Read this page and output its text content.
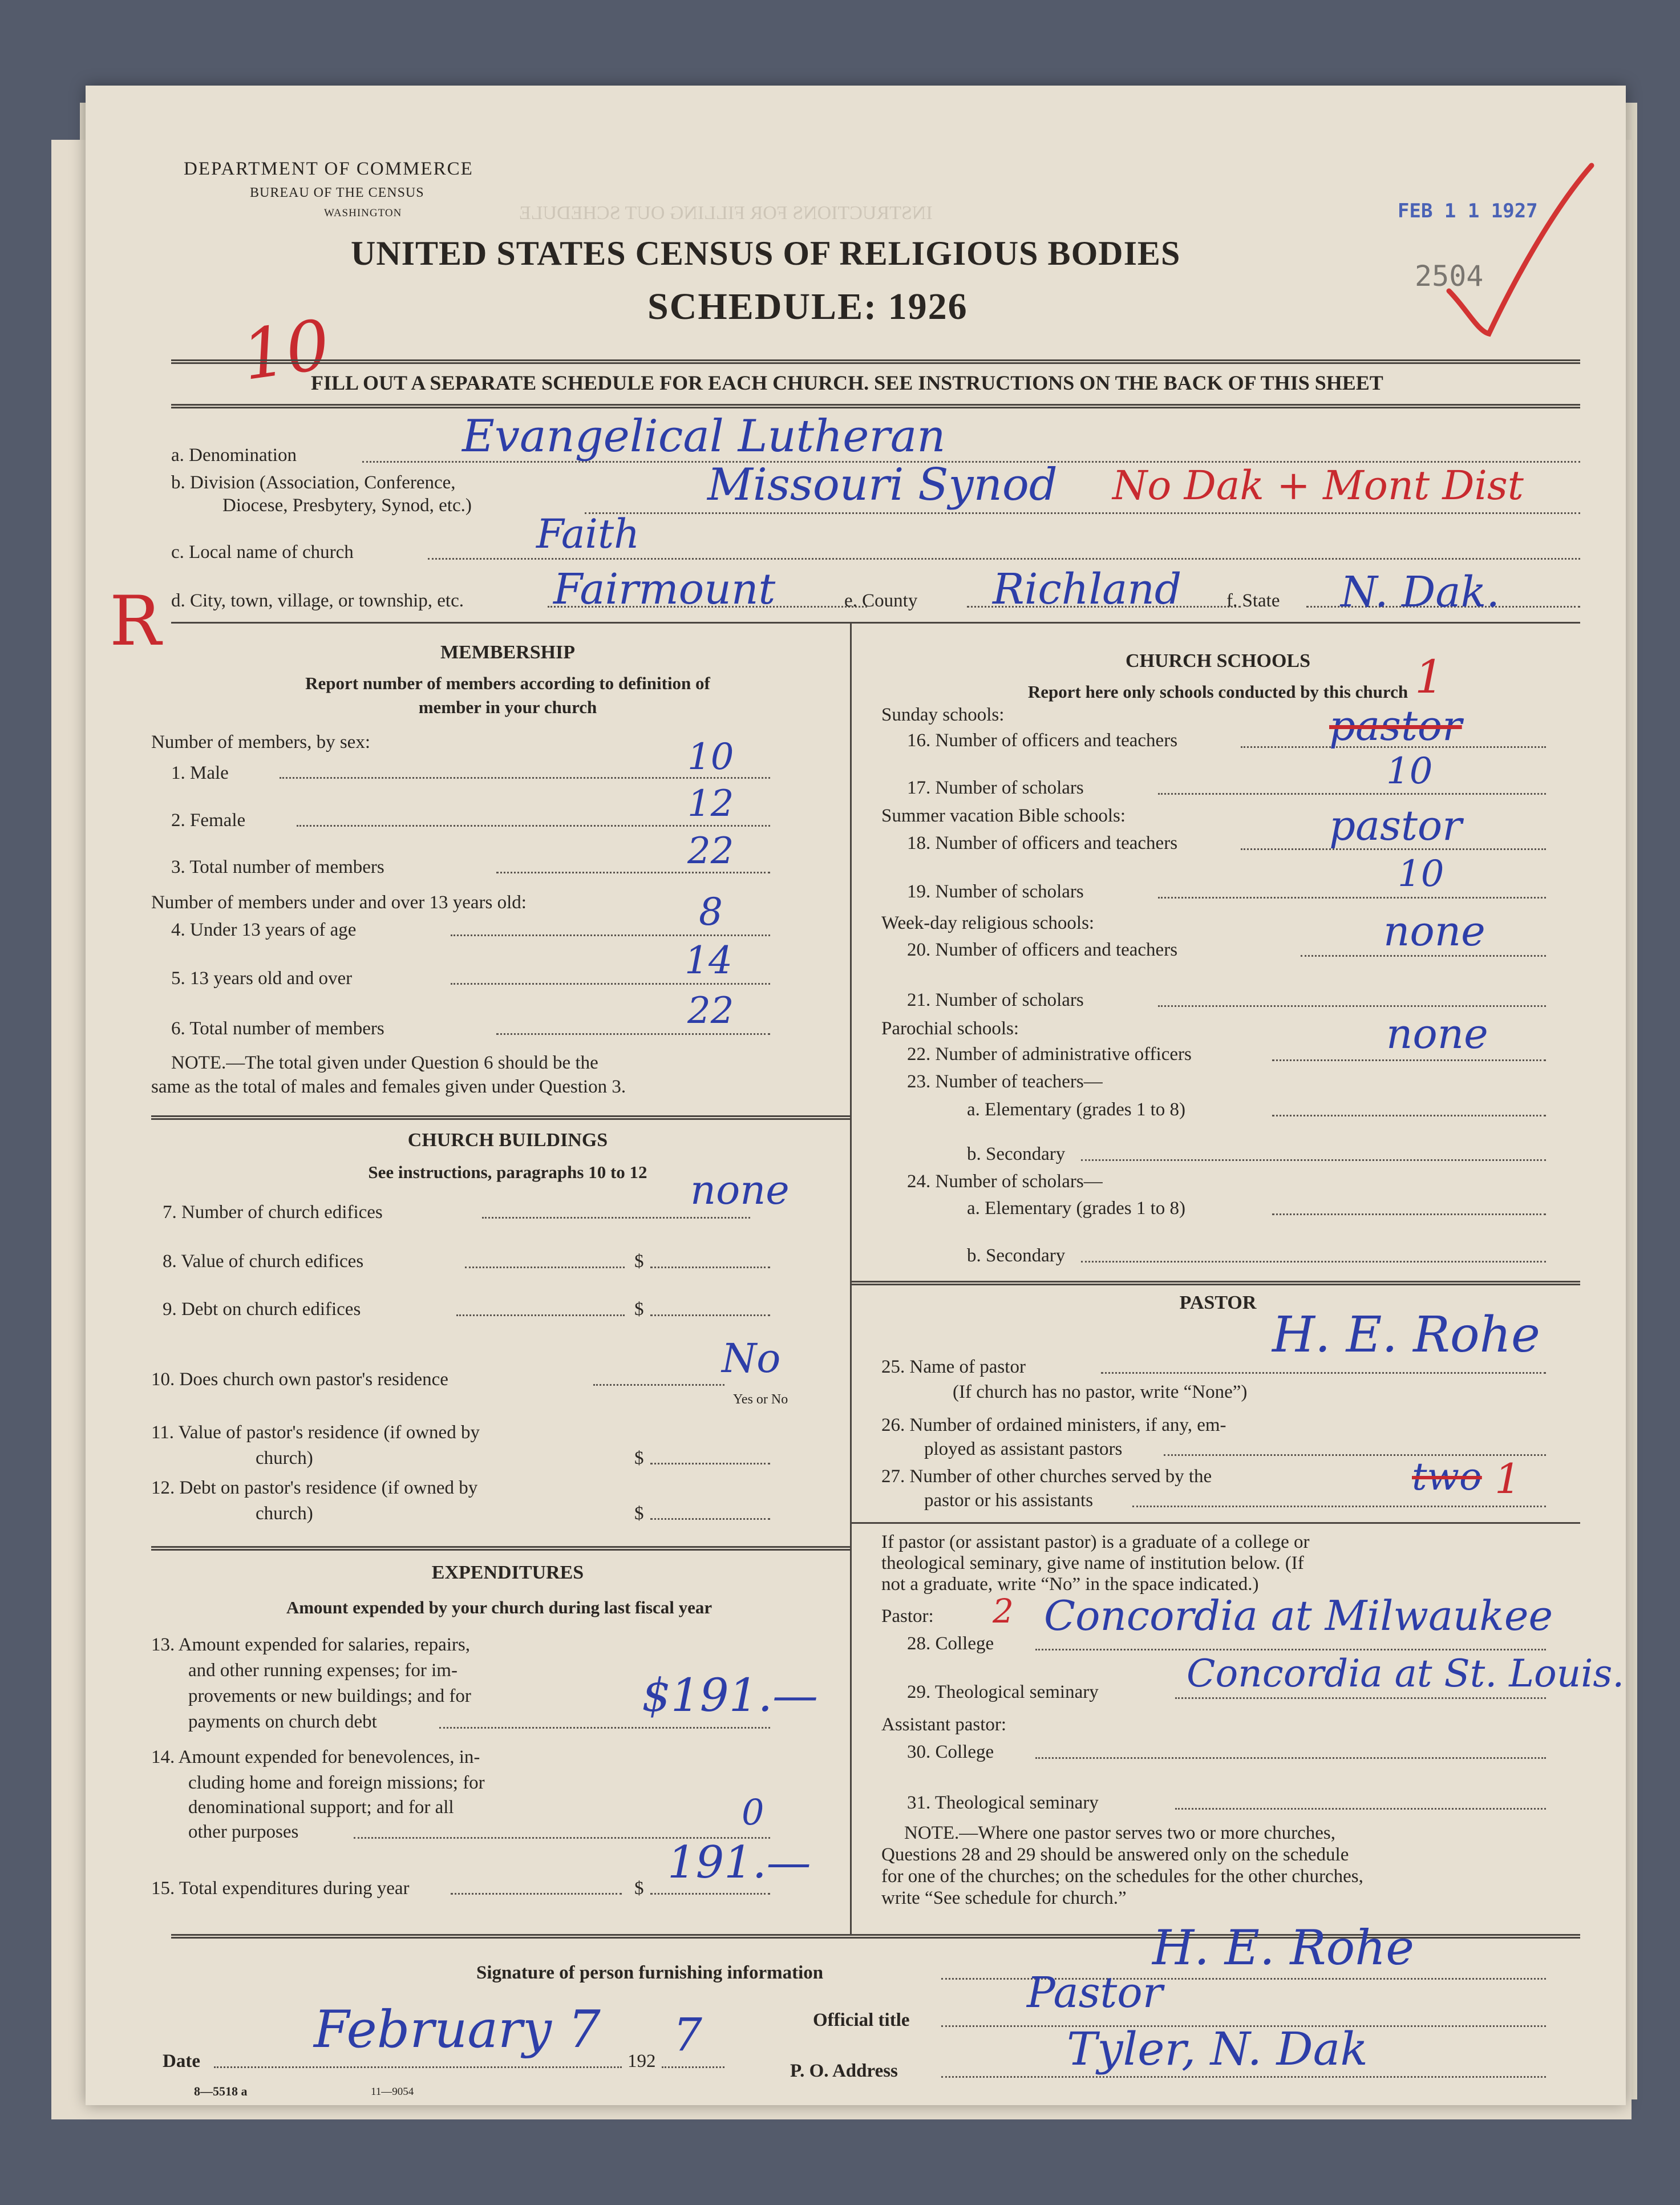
INSTRUCTIONS FOR FILLING OUT SCHEDULE
DEPARTMENT OF COMMERCE
BUREAU OF THE CENSUS
WASHINGTON
UNITED STATES CENSUS OF RELIGIOUS BODIES
SCHEDULE: 1926
FEB 1 1 1927
2504
10
R
FILL OUT A SEPARATE SCHEDULE FOR EACH CHURCH. SEE INSTRUCTIONS ON THE BACK OF THIS SHEET
a. Denomination	Evangelical Lutheran
b. Division (Association, Conference,
Diocese, Presbytery, Synod, etc.)	Missouri Synod No Dak + Mont Dist
c. Local name of church	Faith
d. City, town, village, or township, etc. Fairmount	e. County Richland f. State N. Dak.
MEMBERSHIP
Report number of members according to definition of
member in your church
Number of members, by sex:
1. Male	10
2. Female	12
3. Total number of members	22
Number of members under and over 13 years old:
4. Under 13 years of age	8
5. 13 years old and over	14
6. Total number of members	22
NOTE.—The total given under Question 6 should be the
same as the total of males and females given under Question 3.
CHURCH BUILDINGS
See instructions, paragraphs 10 to 12
7. Number of church edifices	none
8. Value of church edifices	$
9. Debt on church edifices	$
10. Does church own pastor's residence	No
Yes or No
11. Value of pastor's residence (if owned by
church)	$
12. Debt on pastor's residence (if owned by
church)	$
EXPENDITURES
Amount expended by your church during last fiscal year
13. Amount expended for salaries, repairs,
and other running expenses; for im-
provements or new buildings; and for
payments on church debt	$191.—
14. Amount expended for benevolences, in-
cluding home and foreign missions; for
denominational support; and for all
other purposes	0
15. Total expenditures during year	$ 191.—
CHURCH SCHOOLS
Report here only schools conducted by this church
Sunday schools:
16. Number of officers and teachers	pastor
1
17. Number of scholars	10
Summer vacation Bible schools:
18. Number of officers and teachers	pastor
19. Number of scholars	10
Week-day religious schools:
20. Number of officers and teachers	none
21. Number of scholars
Parochial schools:
22. Number of administrative officers	none
23. Number of teachers—
a. Elementary (grades 1 to 8)
b. Secondary
24. Number of scholars—
a. Elementary (grades 1 to 8)
b. Secondary
PASTOR
25. Name of pastor
H. E. Rohe
(If church has no pastor, write “None”)
26. Number of ordained ministers, if any, em-
ployed as assistant pastors
27. Number of other churches served by the
pastor or his assistants
two 1
If pastor (or assistant pastor) is a graduate of a college or
theological seminary, give name of institution below. (If
not a graduate, write “No” in the space indicated.)
Pastor: 2
28. College
Concordia at Milwaukee
29. Theological seminary Concordia at St. Louis.
Assistant pastor:
30. College
31. Theological seminary
NOTE.—Where one pastor serves two or more churches,
Questions 28 and 29 should be answered only on the schedule
for one of the churches; on the schedules for the other churches,
write “See schedule for church.”
Signature of person furnishing information	H. E. Rohe
Official title
Pastor
Date
February 7
192 7
P. O. Address	Tyler, N. Dak
8—5518 a	11—9054
